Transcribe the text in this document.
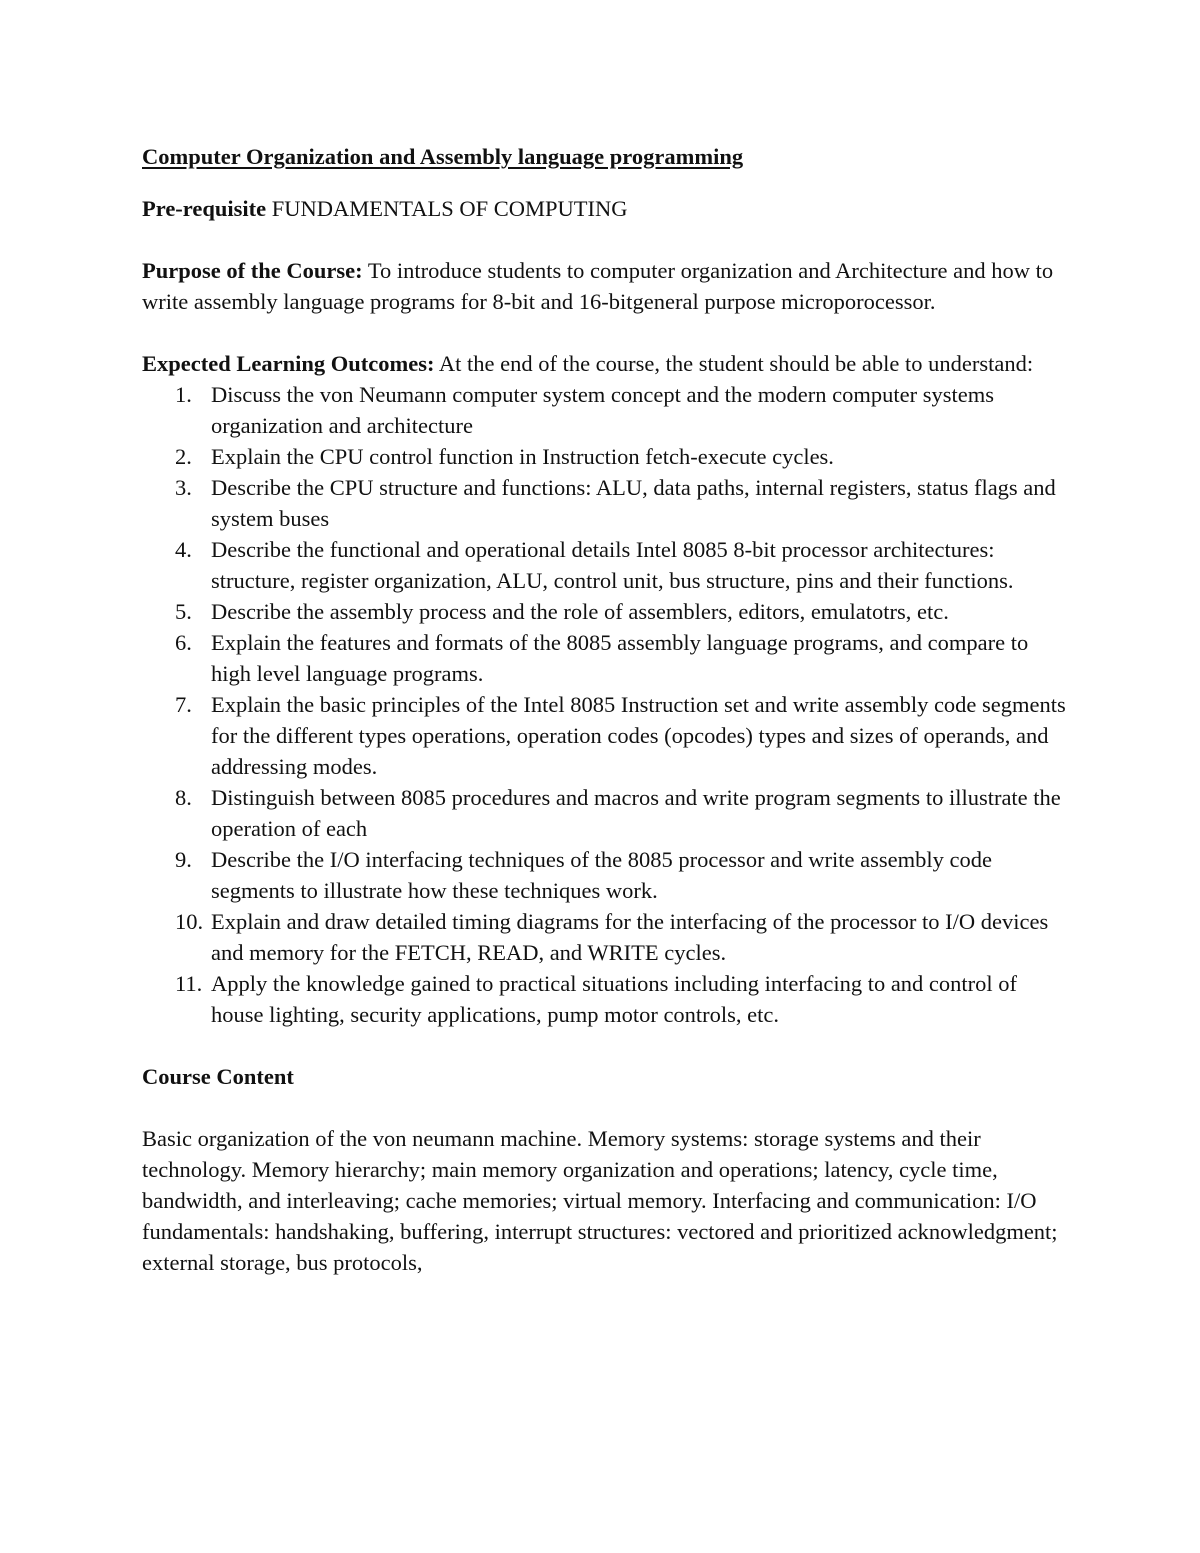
Computer Organization and Assembly language programming

Pre-requisite FUNDAMENTALS OF COMPUTING

Purpose of the Course: To introduce students to computer organization and Architecture and how to write assembly language programs for 8-bit and 16-bitgeneral purpose microporocessor.

Expected Learning Outcomes: At the end of the course, the student should be able to understand:
1. Discuss the von Neumann computer system concept and the modern computer systems organization and architecture
2. Explain the CPU control function in Instruction fetch-execute cycles.
3. Describe the CPU structure and functions: ALU, data paths, internal registers, status flags and system buses
4. Describe the functional and operational details Intel 8085 8-bit processor architectures: structure, register organization, ALU, control unit, bus structure, pins and their functions.
5. Describe the assembly process and the role of assemblers, editors, emulatotrs, etc.
6. Explain the features and formats of the 8085 assembly language programs, and compare to high level language programs.
7. Explain the basic principles of the Intel 8085 Instruction set and write assembly code segments for the different types operations, operation codes (opcodes) types and sizes of operands, and addressing modes.
8. Distinguish between 8085 procedures and macros and write program segments to illustrate the operation of each
9. Describe the I/O interfacing techniques of the 8085 processor and write assembly code segments to illustrate how these techniques work.
10. Explain and draw detailed timing diagrams for the interfacing of the processor to I/O devices and memory for the FETCH, READ, and WRITE cycles.
11. Apply the knowledge gained to practical situations including interfacing to and control of house lighting, security applications, pump motor controls, etc.

Course Content

Basic organization of the von neumann machine. Memory systems: storage systems and their technology. Memory hierarchy; main memory organization and operations; latency, cycle time, bandwidth, and interleaving; cache memories; virtual memory. Interfacing and communication: I/O fundamentals: handshaking, buffering, interrupt structures: vectored and prioritized acknowledgment; external storage, bus protocols,
